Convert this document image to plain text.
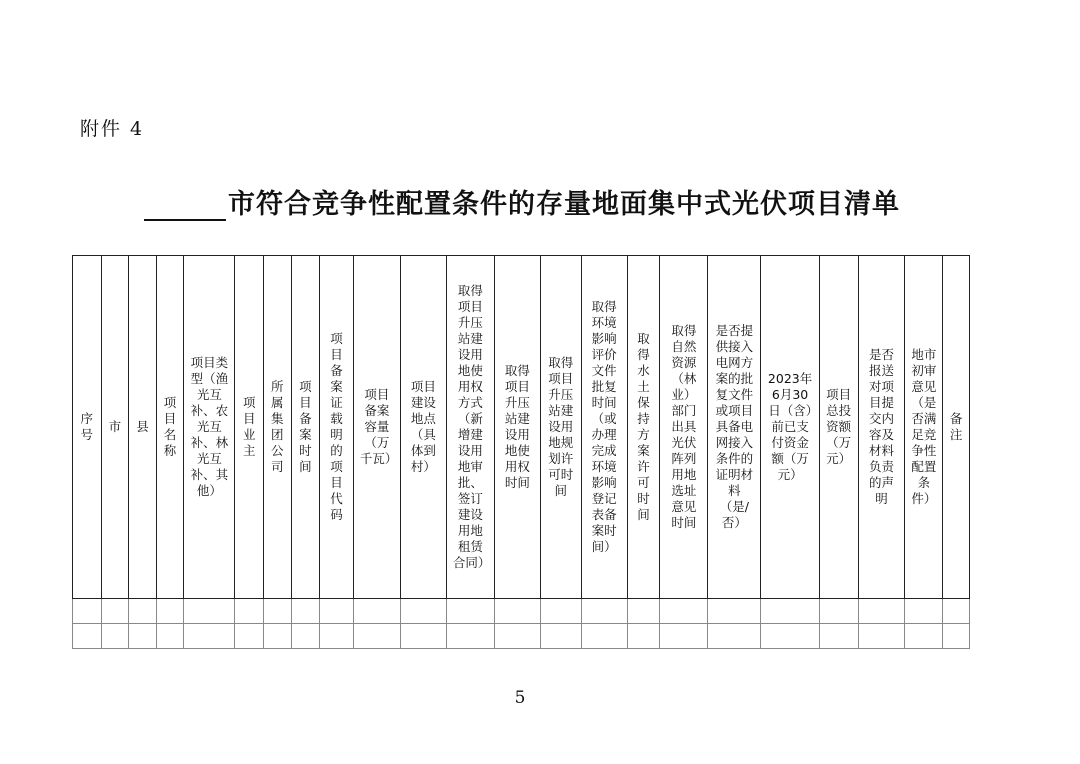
附件 4
市符合竞争性配置条件的存量地面集中式光伏项目清单
序号	市	县	项目名称	项目类型（渔光互补、农光互补、林光互补、其他）	项目业主	所属集团公司	项目备案时间	项目备案证载明的项目代码	项目备案容量（万千瓦）	项目建设地点（具体到村）	取得项目升压站建设用地使用权方式（新增建设用地审批、签订建设用地租赁合同）	取得项目升压站建设用地使用权时间	取得项目升压站建设用地规划许可时间	取得环境影响评价文件批复时间（或办理完成环境影响登记表备案时间）	取得水土保持方案许可时间	取得自然资源（林业）部门出具光伏阵列用地选址意见时间	是否提供接入电网方案的批复文件或项目具备电网接入条件的证明材料（是/否）	2023年6月30日（含）前已支付资金额（万元）	项目总投资额（万元）	是否报送对项目提交内容及材料负责的声明	地市初审意见（是否满足竞争性配置条件）	备注

5
